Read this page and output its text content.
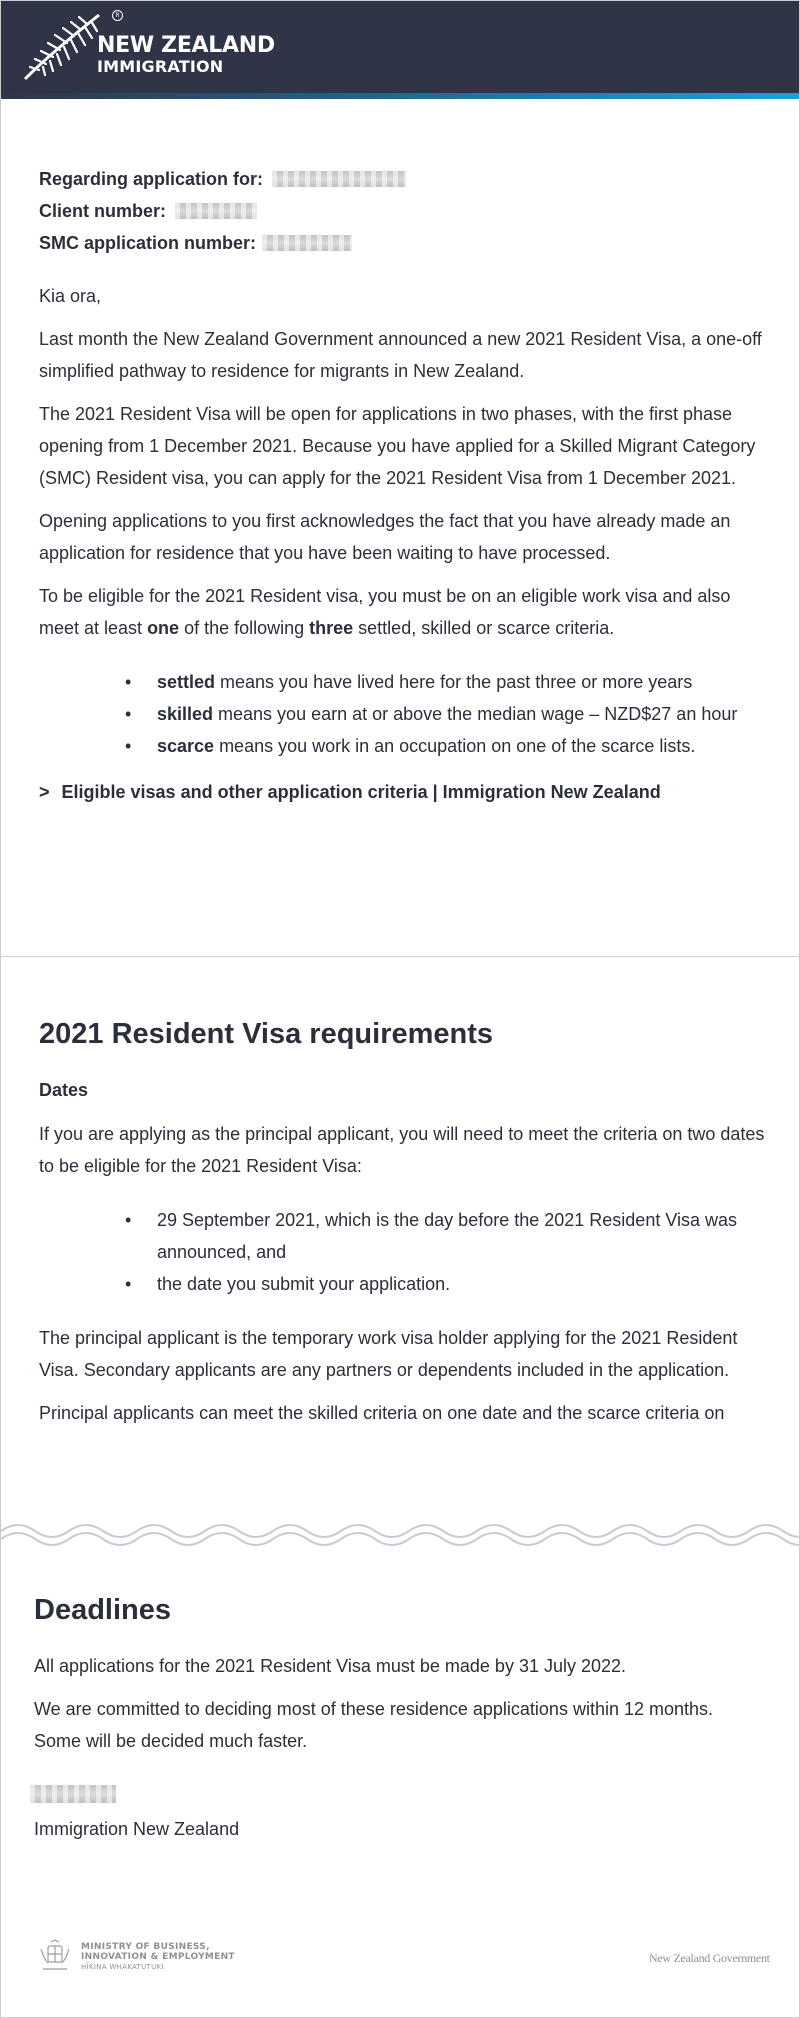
R
NEW ZEALAND
IMMIGRATION
Regarding application for:
Client number:
SMC application number:

Kia ora,

Last month the New Zealand Government announced a new 2021 Resident Visa, a one-off simplified pathway to residence for migrants in New Zealand.

The 2021 Resident Visa will be open for applications in two phases, with the first phase opening from 1 December 2021. Because you have applied for a Skilled Migrant Category (SMC) Resident visa, you can apply for the 2021 Resident Visa from 1 December 2021.

Opening applications to you first acknowledges the fact that you have already made an application for residence that you have been waiting to have processed.

To be eligible for the 2021 Resident visa, you must be on an eligible work visa and also meet at least one of the following three settled, skilled or scarce criteria.

• settled means you have lived here for the past three or more years
• skilled means you earn at or above the median wage – NZD$27 an hour
• scarce means you work in an occupation on one of the scarce lists.
> Eligible visas and other application criteria | Immigration New Zealand
2021 Resident Visa requirements

Dates

If you are applying as the principal applicant, you will need to meet the criteria on two dates to be eligible for the 2021 Resident Visa:

• 29 September 2021, which is the day before the 2021 Resident Visa was announced, and
• the date you submit your application.

The principal applicant is the temporary work visa holder applying for the 2021 Resident Visa. Secondary applicants are any partners or dependents included in the application.

Principal applicants can meet the skilled criteria on one date and the scarce criteria on

Deadlines

All applications for the 2021 Resident Visa must be made by 31 July 2022.

We are committed to deciding most of these residence applications within 12 months. Some will be decided much faster.

Immigration New Zealand

MINISTRY OF BUSINESS,
INNOVATION & EMPLOYMENT
HĪKINA WHAKATUTUKI
New Zealand Government
